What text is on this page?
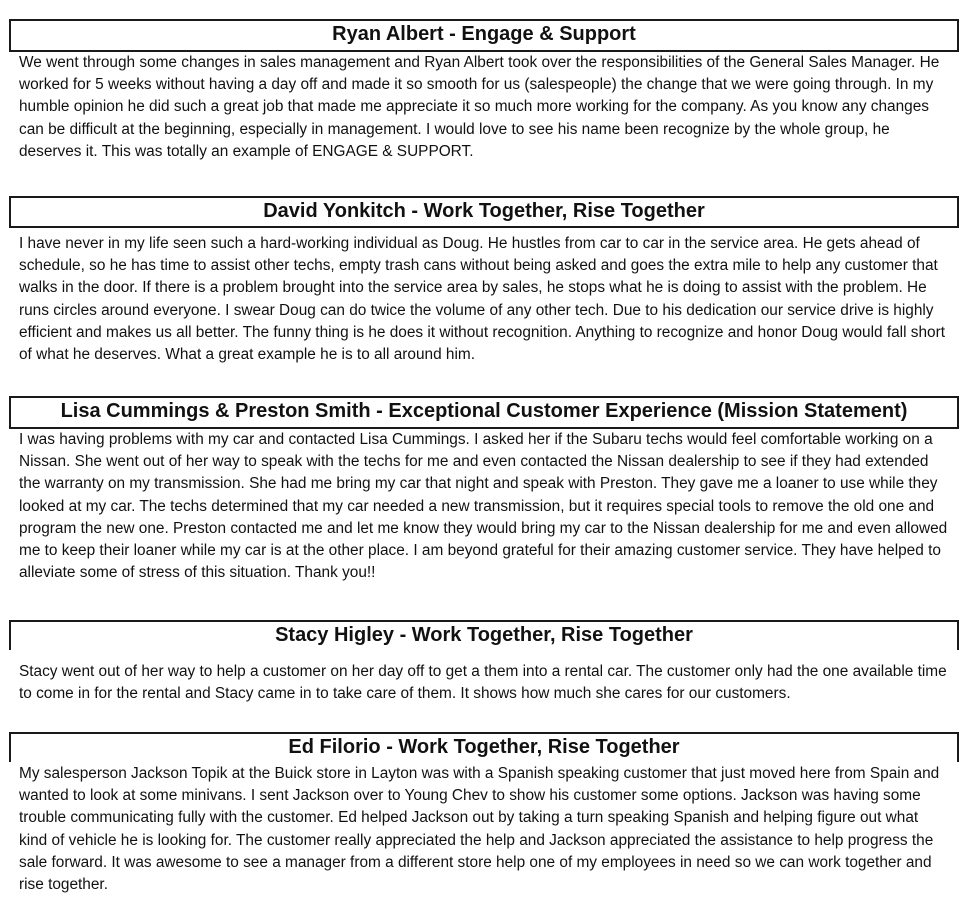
Ryan Albert - Engage & Support

We went through some changes in sales management and Ryan Albert took over the responsibilities of the General Sales Manager. He worked for 5 weeks without having a day off and made it so smooth for us (salespeople) the change that we were going through. In my humble opinion he did such a great job that made me appreciate it so much more working for the company. As you know any changes can be difficult at the beginning, especially in management. I would love to see his name been recognize by the whole group, he deserves it. This was totally an example of ENGAGE & SUPPORT.

David Yonkitch - Work Together, Rise Together

I have never in my life seen such a hard-working individual as Doug. He hustles from car to car in the service area. He gets ahead of schedule, so he has time to assist other techs, empty trash cans without being asked and goes the extra mile to help any customer that walks in the door. If there is a problem brought into the service area by sales, he stops what he is doing to assist with the problem. He runs circles around everyone. I swear Doug can do twice the volume of any other tech. Due to his dedication our service drive is highly efficient and makes us all better. The funny thing is he does it without recognition. Anything to recognize and honor Doug would fall short of what he deserves. What a great example he is to all around him.

Lisa Cummings & Preston Smith - Exceptional Customer Experience (Mission Statement)

I was having problems with my car and contacted Lisa Cummings. I asked her if the Subaru techs would feel comfortable working on a Nissan. She went out of her way to speak with the techs for me and even contacted the Nissan dealership to see if they had extended the warranty on my transmission. She had me bring my car that night and speak with Preston. They gave me a loaner to use while they looked at my car. The techs determined that my car needed a new transmission, but it requires special tools to remove the old one and program the new one. Preston contacted me and let me know they would bring my car to the Nissan dealership for me and even allowed me to keep their loaner while my car is at the other place. I am beyond grateful for their amazing customer service. They have helped to alleviate some of stress of this situation. Thank you!!

Stacy Higley - Work Together, Rise Together

Stacy went out of her way to help a customer on her day off to get a them into a rental car. The customer only had the one available time to come in for the rental and Stacy came in to take care of them. It shows how much she cares for our customers.

Ed Filorio - Work Together, Rise Together

My salesperson Jackson Topik at the Buick store in Layton was with a Spanish speaking customer that just moved here from Spain and wanted to look at some minivans. I sent Jackson over to Young Chev to show his customer some options. Jackson was having some trouble communicating fully with the customer. Ed helped Jackson out by taking a turn speaking Spanish and helping figure out what kind of vehicle he is looking for. The customer really appreciated the help and Jackson appreciated the assistance to help progress the sale forward. It was awesome to see a manager from a different store help one of my employees in need so we can work together and rise together.
